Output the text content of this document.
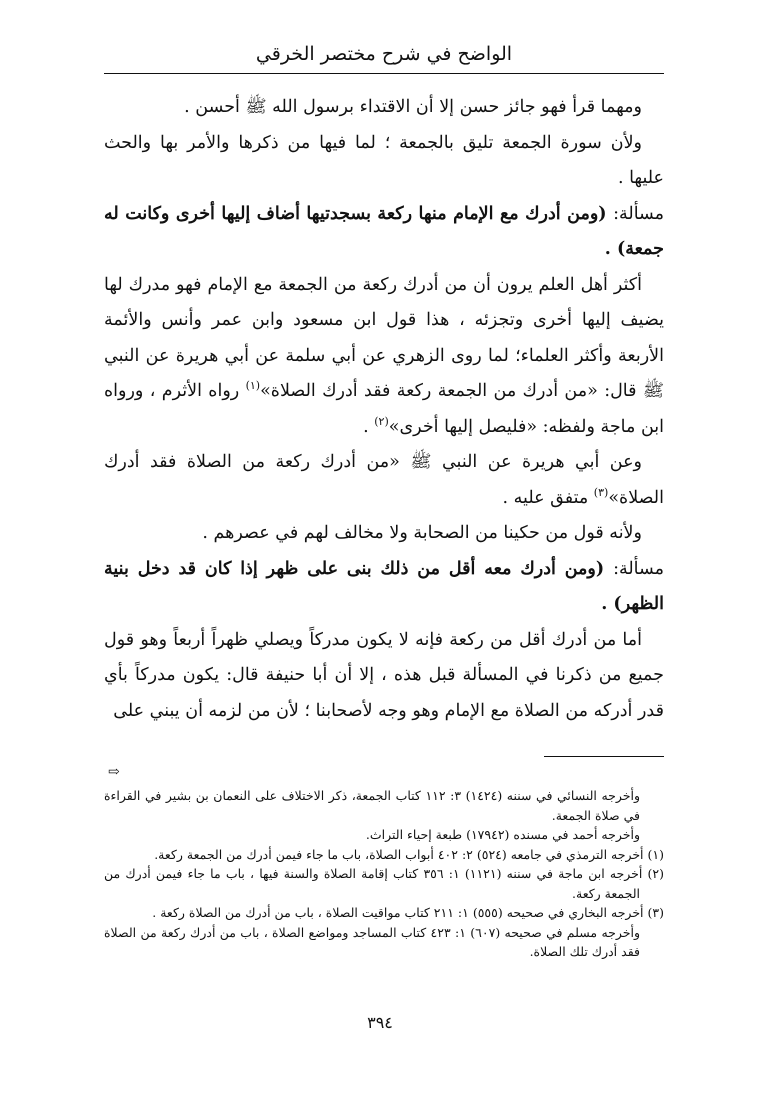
الواضح في شرح مختصر الخرقي

ومهما قرأ فهو جائز حسن إلا أن الاقتداء برسول الله ﷺ أحسن .

ولأن سورة الجمعة تليق بالجمعة ؛ لما فيها من ذكرها والأمر بها والحث عليها .

مسألة: (ومن أدرك مع الإمام منها ركعة بسجدتيها أضاف إليها أخرى وكانت له جمعة) .

أكثر أهل العلم يرون أن من أدرك ركعة من الجمعة مع الإمام فهو مدرك لها يضيف إليها أخرى وتجزئه ، هذا قول ابن مسعود وابن عمر وأنس والأئمة الأربعة وأكثر العلماء؛ لما روى الزهري عن أبي سلمة عن أبي هريرة عن النبي ﷺ قال: «من أدرك من الجمعة ركعة فقد أدرك الصلاة»$^{(١)}$ رواه الأثرم ، ورواه ابن ماجة ولفظه: «فليصل إليها أخرى»$^{(٢)}$ .

وعن أبي هريرة عن النبي ﷺ «من أدرك ركعة من الصلاة فقد أدرك الصلاة»$^{(٣)}$ متفق عليه .

ولأنه قول من حكينا من الصحابة ولا مخالف لهم في عصرهم .

مسألة: (ومن أدرك معه أقل من ذلك بنى على ظهر إذا كان قد دخل بنية الظهر) .

أما من أدرك أقل من ركعة فإنه لا يكون مدركاً ويصلي ظهراً أربعاً وهو قول جميع من ذكرنا في المسألة قبل هذه ، إلا أن أبا حنيفة قال: يكون مدركاً بأي قدر أدركه من الصلاة مع الإمام وهو وجه لأصحابنا ؛ لأن من لزمه أن يبني على

⇨

وأخرجه النسائي في سننه (١٤٢٤) ٣: ١١٢ كتاب الجمعة، ذكر الاختلاف على النعمان بن بشير في القراءة في صلاة الجمعة.

وأخرجه أحمد في مسنده (١٧٩٤٢) طبعة إحياء التراث.

(١) أخرجه الترمذي في جامعه (٥٢٤) ٢: ٤٠٢ أبواب الصلاة، باب ما جاء فيمن أدرك من الجمعة ركعة.

(٢) أخرجه ابن ماجة في سننه (١١٢١) ١: ٣٥٦ كتاب إقامة الصلاة والسنة فيها ، باب ما جاء فيمن أدرك من الجمعة ركعة.

(٣) أخرجه البخاري في صحيحه (٥٥٥) ١: ٢١١ كتاب مواقيت الصلاة ، باب من أدرك من الصلاة ركعة .

وأخرجه مسلم في صحيحه (٦٠٧) ١: ٤٢٣ كتاب المساجد ومواضع الصلاة ، باب من أدرك ركعة من الصلاة فقد أدرك تلك الصلاة.

٣٩٤
